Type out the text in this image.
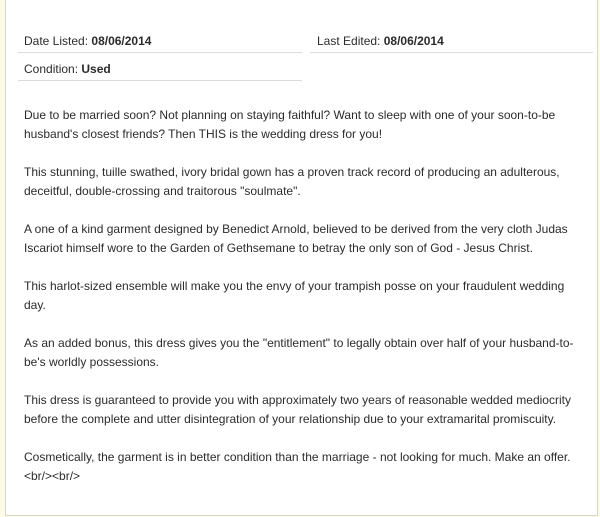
Date Listed: 08/06/2014	Last Edited: 08/06/2014
Condition: Used

Due to be married soon? Not planning on staying faithful? Want to sleep with one of your soon-to-be husband's closest friends? Then THIS is the wedding dress for you!

This stunning, tuille swathed, ivory bridal gown has a proven track record of producing an adulterous, deceitful, double-crossing and traitorous "soulmate".

A one of a kind garment designed by Benedict Arnold, believed to be derived from the very cloth Judas Iscariot himself wore to the Garden of Gethsemane to betray the only son of God - Jesus Christ.

This harlot-sized ensemble will make you the envy of your trampish posse on your fraudulent wedding day.

As an added bonus, this dress gives you the "entitlement" to legally obtain over half of your husband-to-be's worldly possessions.

This dress is guaranteed to provide you with approximately two years of reasonable wedded mediocrity before the complete and utter disintegration of your relationship due to your extramarital promiscuity.

Cosmetically, the garment is in better condition than the marriage - not looking for much. Make an offer. <br/><br/>
